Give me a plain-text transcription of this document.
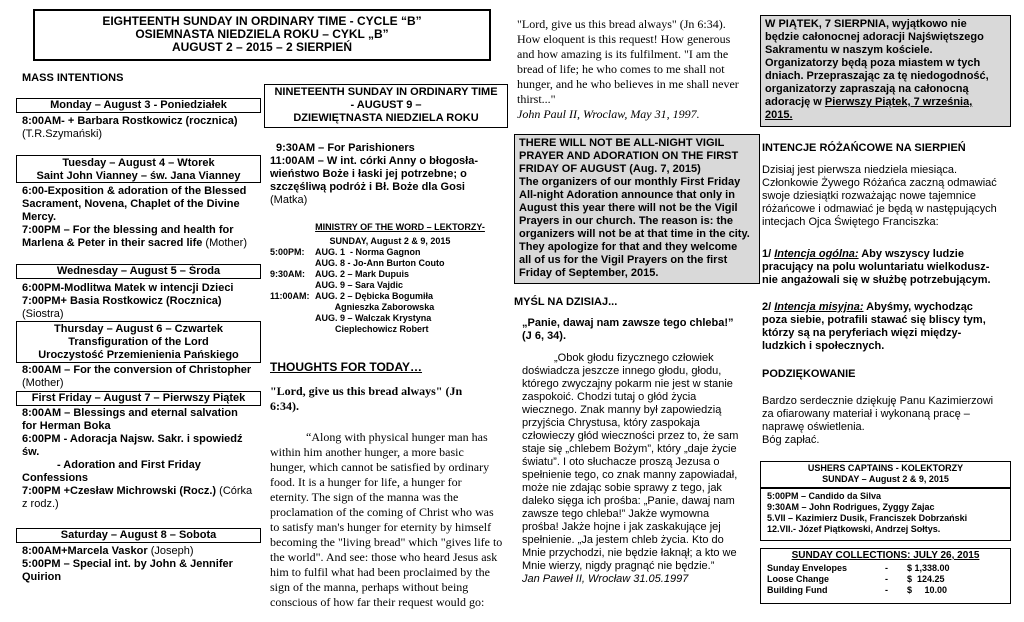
EIGHTEENTH SUNDAY IN ORDINARY TIME - CYCLE “B”
OSIEMNASTA NIEDZIELA ROKU – CYKL „B”
AUGUST 2 – 2015 – 2 SIERPIEŃ
MASS INTENTIONS
Monday – August 3 - Poniedziałek
8:00AM- + Barbara Rostkowicz (rocznica)
(T.R.Szymański)
Tuesday – August 4 – Wtorek
Saint John Vianney – św. Jana Vianney
6:00-Exposition & adoration of the Blessed
Sacrament, Novena, Chaplet of the Divine
Mercy.
7:00PM – For the blessing and health for
Marlena & Peter in their sacred life (Mother)
Wednesday – August 5 – Środa
6:00PM-Modlitwa Matek w intencji Dzieci
7:00PM+ Basia Rostkowicz (Rocznica)
(Siostra)
Thursday – August 6 – Czwartek
Transfiguration of the Lord
Uroczystość Przemienienia Pańskiego
8:00AM – For the conversion of Christopher
(Mother)
First Friday – August 7 – Pierwszy Piątek
8:00AM – Blessings and eternal salvation
for Herman Boka
6:00PM - Adoracja Najsw. Sakr. i spowiedź
św.
- Adoration and First Friday
Confessions
7:00PM +Czesław Michrowski (Rocz.) (Córka
z rodz.)
Saturday – August 8 – Sobota
8:00AM+Marcela Vaskor (Joseph)
5:00PM – Special int. by John & Jennifer
Quirion
NINETEENTH SUNDAY IN ORDINARY TIME
- AUGUST 9 –
DZIEWIĘTNASTA NIEDZIELA ROKU
9:30AM – For Parishioners
11:00AM – W int. córki Anny o błogosła-
wieństwo Boże i łaski jej potrzebne; o
szczęśliwą podróż i Bł. Boże dla Gosi
(Matka)
MINISTRY OF THE WORD – LEKTORZY-
SUNDAY, August 2 & 9, 2015
5:00PM:	AUG. 1  - Norma Gagnon
	AUG. 8 - Jo-Ann Burton Couto
9:30AM:	AUG. 2 – Mark Dupuis
	AUG. 9 – Sara Vajdic
11:00AM:	AUG. 2 – Dębicka Bogumiła
	Agnieszka Zaborowska
	AUG. 9 – Walczak Krystyna
	Cieplechowicz Robert
THOUGHTS FOR TODAY…
"Lord, give us this bread always" (Jn
6:34).
“Along with physical hunger man has
within him another hunger, a more basic
hunger, which cannot be satisfied by ordinary
food. It is a hunger for life, a hunger for
eternity. The sign of the manna was the
proclamation of the coming of Christ who was
to satisfy man's hunger for eternity by himself
becoming the "living bread" which "gives life to
the world". And see: those who heard Jesus ask
him to fulfil what had been proclaimed by the
sign of the manna, perhaps without being
conscious of how far their request would go:
"Lord, give us this bread always" (Jn 6:34).
How eloquent is this request! How generous
and how amazing is its fulfilment. "I am the
bread of life; he who comes to me shall not
hunger, and he who believes in me shall never
thirst..."
John Paul II, Wroclaw, May 31, 1997.
THERE WILL NOT BE ALL-NIGHT VIGIL
PRAYER AND ADORATION ON THE FIRST
FRIDAY OF AUGUST (Aug. 7, 2015)
The organizers of our monthly First Friday
All-night Adoration announce that only in
August this year there will not be the Vigil
Prayers in our church. The reason is: the
organizers will not be at that time in the city.
They apologize for that and they welcome
all of us for the Vigil Prayers on the first
Friday of September, 2015.
MYŚL NA DZISIAJ...
„Panie, dawaj nam zawsze tego chleba!”
(J 6, 34).
„Obok głodu fizycznego człowiek
doświadcza jeszcze innego głodu, głodu,
którego zwyczajny pokarm nie jest w stanie
zaspokoić. Chodzi tutaj o głód życia
wiecznego. Znak manny był zapowiedzią
przyjścia Chrystusa, który zaspokaja
człowieczy głód wieczności przez to, że sam
staje się „chlebem Bożym”, który „daje życie
światu”. I oto słuchacze proszą Jezusa o
spełnienie tego, co znak manny zapowiadał,
może nie zdając sobie sprawy z tego, jak
daleko sięga ich prośba: „Panie, dawaj nam
zawsze tego chleba!” Jakże wymowna
prośba! Jakże hojne i jak zaskakujące jej
spełnienie. „Ja jestem chleb życia. Kto do
Mnie przychodzi, nie będzie łaknął; a kto we
Mnie wierzy, nigdy pragnąć nie będzie.”
Jan Paweł II, Wrocław 31.05.1997
W PIĄTEK, 7 SIERPNIA, wyjątkowo nie
będzie całonocnej adoracji Najświętszego
Sakramentu w naszym kościele.
Organizatorzy będą poza miastem w tych
dniach. Przepraszając za tę niedogodność,
organizatorzy zapraszają na całonocną
adorację w Pierwszy Piątek, 7 września,
2015.
INTENCJE RÓŻAŃCOWE NA SIERPIEŃ
Dzisiaj jest pierwsza niedziela miesiąca.
Członkowie Żywego Różańca zaczną odmawiać
swoje dziesiątki rozważając nowe tajemnice
różańcowe i odmawiać je będą w następujących
intecjach Ojca Świętego Franciszka:
1/ Intencja ogólna: Aby wszyscy ludzie
pracujący na polu woluntariatu wielkodusz-
nie angażowali się w służbę potrzebującym.
2/ Intencja misyjna: Abyśmy, wychodząc
poza siebie, potrafili stawać się bliscy tym,
którzy są na peryferiach więzi między-
ludzkich i społecznych.
PODZIĘKOWANIE
Bardzo serdecznie dziękuję Panu Kazimierzowi
za ofiarowany materiał i wykonaną pracę –
naprawę oświetlenia.
Bóg zapłać.
USHERS CAPTAINS - KOLEKTORZY
SUNDAY – August 2 & 9, 2015
5:00PM – Candido da Silva
9:30AM – John Rodrigues, Zyggy Zajac
5.VII – Kazimierz Dusik, Franciszek Dobrzański
12.VII.- Józef Piątkowski, Andrzej Sołtys.
SUNDAY COLLECTIONS: JULY 26, 2015
Sunday Envelopes	-	$ 1,338.00
Loose Change	-	$  124.25
Building Fund	-	$     10.00
